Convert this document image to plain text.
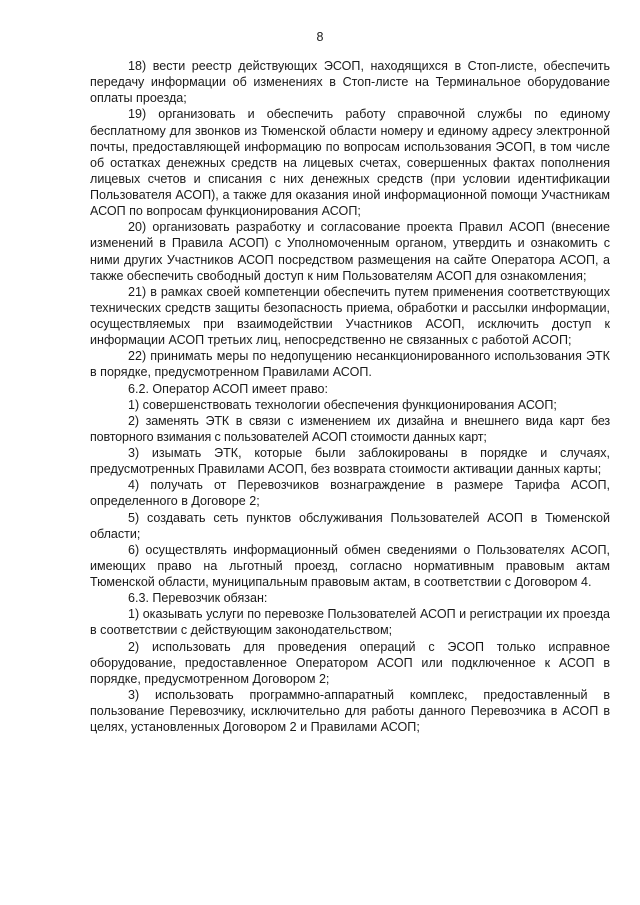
8

18) вести реестр действующих ЭСОП, находящихся в Стоп-листе, обеспечить передачу информации об изменениях в Стоп-листе на Терминальное оборудование оплаты проезда;

19) организовать и обеспечить работу справочной службы по единому бесплатному для звонков из Тюменской области номеру и единому адресу электронной почты, предоставляющей информацию по вопросам использования ЭСОП, в том числе об остатках денежных средств на лицевых счетах, совершенных фактах пополнения лицевых счетов и списания с них денежных средств (при условии идентификации Пользователя АСОП), а также для оказания иной информационной помощи Участникам АСОП по вопросам функционирования АСОП;

20) организовать разработку и согласование проекта Правил АСОП (внесение изменений в Правила АСОП) с Уполномоченным органом, утвердить и ознакомить с ними других Участников АСОП посредством размещения на сайте Оператора АСОП, а также обеспечить свободный доступ к ним Пользователям АСОП для ознакомления;

21) в рамках своей компетенции обеспечить путем применения соответствующих технических средств защиты безопасность приема, обработки и рассылки информации, осуществляемых при взаимодействии Участников АСОП, исключить доступ к информации АСОП третьих лиц, непосредственно не связанных с работой АСОП;

22) принимать меры по недопущению несанкционированного использования ЭТК в порядке, предусмотренном Правилами АСОП.

6.2. Оператор АСОП имеет право:

1) совершенствовать технологии обеспечения функционирования АСОП;

2) заменять ЭТК в связи с изменением их дизайна и внешнего вида карт без повторного взимания с пользователей АСОП стоимости данных карт;

3) изымать ЭТК, которые были заблокированы в порядке и случаях, предусмотренных Правилами АСОП, без возврата стоимости активации данных карты;

4) получать от Перевозчиков вознаграждение в размере Тарифа АСОП, определенного в Договоре 2;

5) создавать сеть пунктов обслуживания Пользователей АСОП в Тюменской области;

6) осуществлять информационный обмен сведениями о Пользователях АСОП, имеющих право на льготный проезд, согласно нормативным правовым актам Тюменской области, муниципальным правовым актам, в соответствии с Договором 4.

6.3. Перевозчик обязан:

1) оказывать услуги по перевозке Пользователей АСОП и регистрации их проезда в соответствии с действующим законодательством;

2) использовать для проведения операций с ЭСОП только исправное оборудование, предоставленное Оператором АСОП или подключенное к АСОП в порядке, предусмотренном Договором 2;

3) использовать программно-аппаратный комплекс, предоставленный в пользование Перевозчику, исключительно для работы данного Перевозчика в АСОП в целях, установленных Договором 2 и Правилами АСОП;
